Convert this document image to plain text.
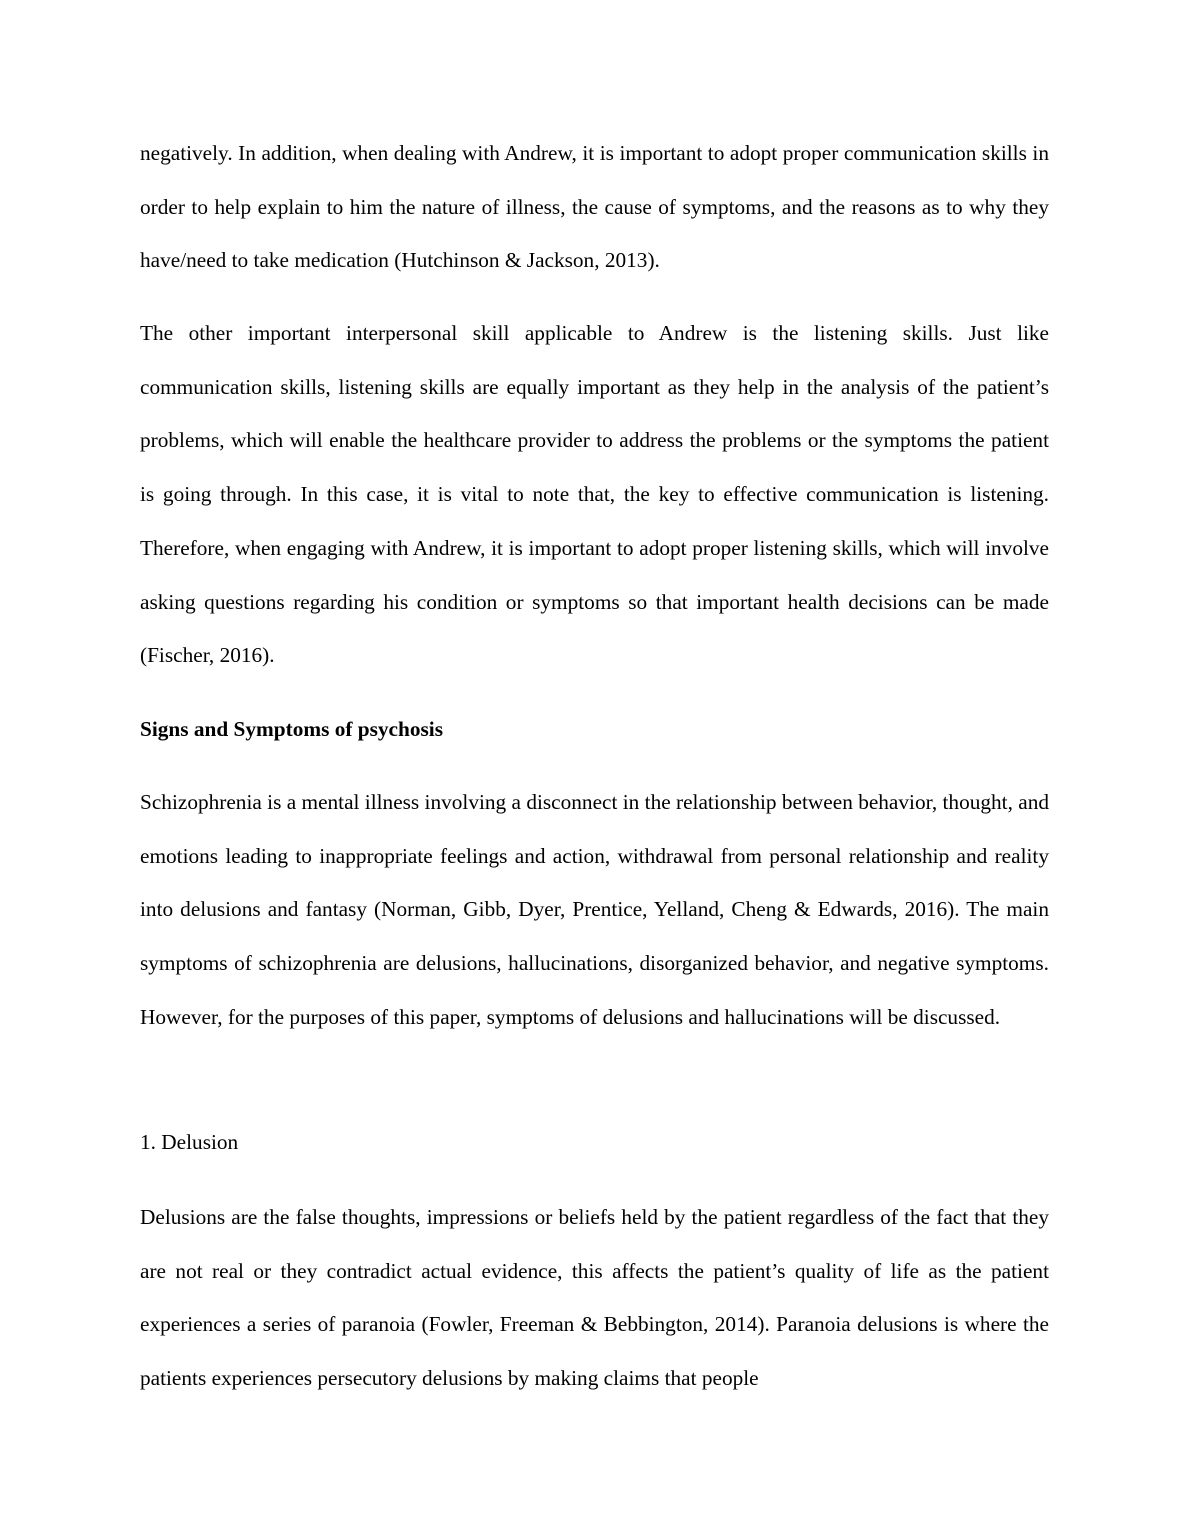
negatively. In addition, when dealing with Andrew, it is important to adopt proper communication skills in order to help explain to him the nature of illness, the cause of symptoms, and the reasons as to why they have/need to take medication (Hutchinson & Jackson, 2013).

The other important interpersonal skill applicable to Andrew is the listening skills. Just like communication skills, listening skills are equally important as they help in the analysis of the patient’s problems, which will enable the healthcare provider to address the problems or the symptoms the patient is going through. In this case, it is vital to note that, the key to effective communication is listening. Therefore, when engaging with Andrew, it is important to adopt proper listening skills, which will involve asking questions regarding his condition or symptoms so that important health decisions can be made (Fischer, 2016).

Signs and Symptoms of psychosis

Schizophrenia is a mental illness involving a disconnect in the relationship between behavior, thought, and emotions leading to inappropriate feelings and action, withdrawal from personal relationship and reality into delusions and fantasy (Norman, Gibb, Dyer, Prentice, Yelland, Cheng & Edwards, 2016). The main symptoms of schizophrenia are delusions, hallucinations, disorganized behavior, and negative symptoms. However, for the purposes of this paper, symptoms of delusions and hallucinations will be discussed.

1. Delusion

Delusions are the false thoughts, impressions or beliefs held by the patient regardless of the fact that they are not real or they contradict actual evidence, this affects the patient’s quality of life as the patient experiences a series of paranoia (Fowler, Freeman & Bebbington, 2014). Paranoia delusions is where the patients experiences persecutory delusions by making claims that people
